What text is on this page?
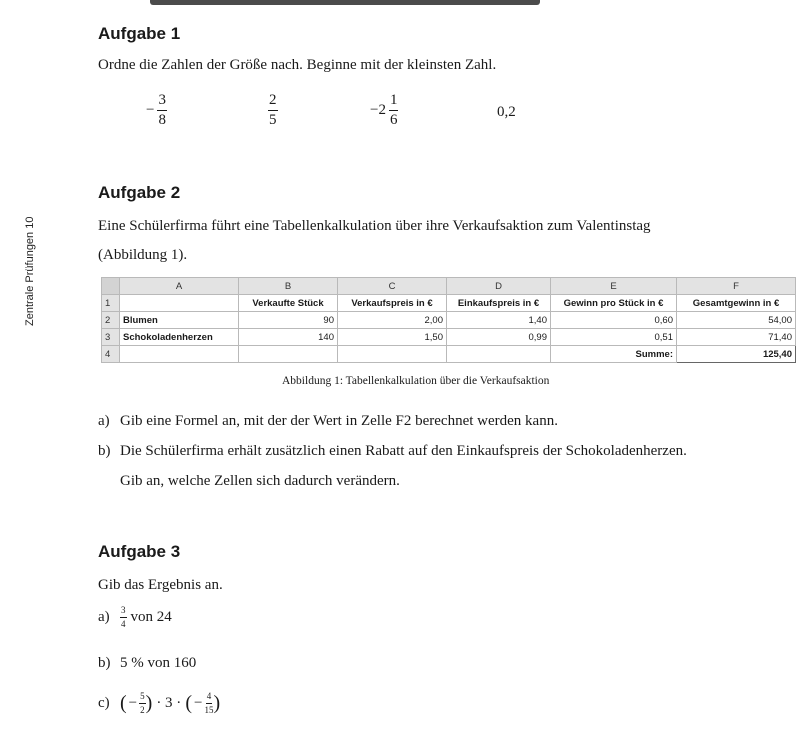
Zentrale Prüfungen 10
Aufgabe 1
Ordne die Zahlen der Größe nach. Beginne mit der kleinsten Zahl.
− $\frac{3}{8}$	$\frac{2}{5}$	$-2 \frac{1}{6}$	0,2
Aufgabe 2
Eine Schülerfirma führt eine Tabellenkalkulation über ihre Verkaufsaktion zum Valentinstag
(Abbildung 1).
	A	B	C	D	E	F
1		Verkaufte Stück	Verkaufspreis in €	Einkaufspreis in €	Gewinn pro Stück in €	Gesamtgewinn in €
2	Blumen	90	2,00	1,40	0,60	54,00
3	Schokoladenherzen	140	1,50	0,99	0,51	71,40
4					Summe:	125,40
Abbildung 1: Tabellenkalkulation über die Verkaufsaktion
a) Gib eine Formel an, mit der der Wert in Zelle F2 berechnet werden kann.
b) Die Schülerfirma erhält zusätzlich einen Rabatt auf den Einkaufspreis der Schokoladenherzen.
Gib an, welche Zellen sich dadurch verändern.
Aufgabe 3
Gib das Ergebnis an.
a)	$\frac{3}{4}$ von 24
b) 5 % von 160
c) ( − $\frac{5}{2}$ ) · 3 · ( − $\frac{4}{15}$ )
